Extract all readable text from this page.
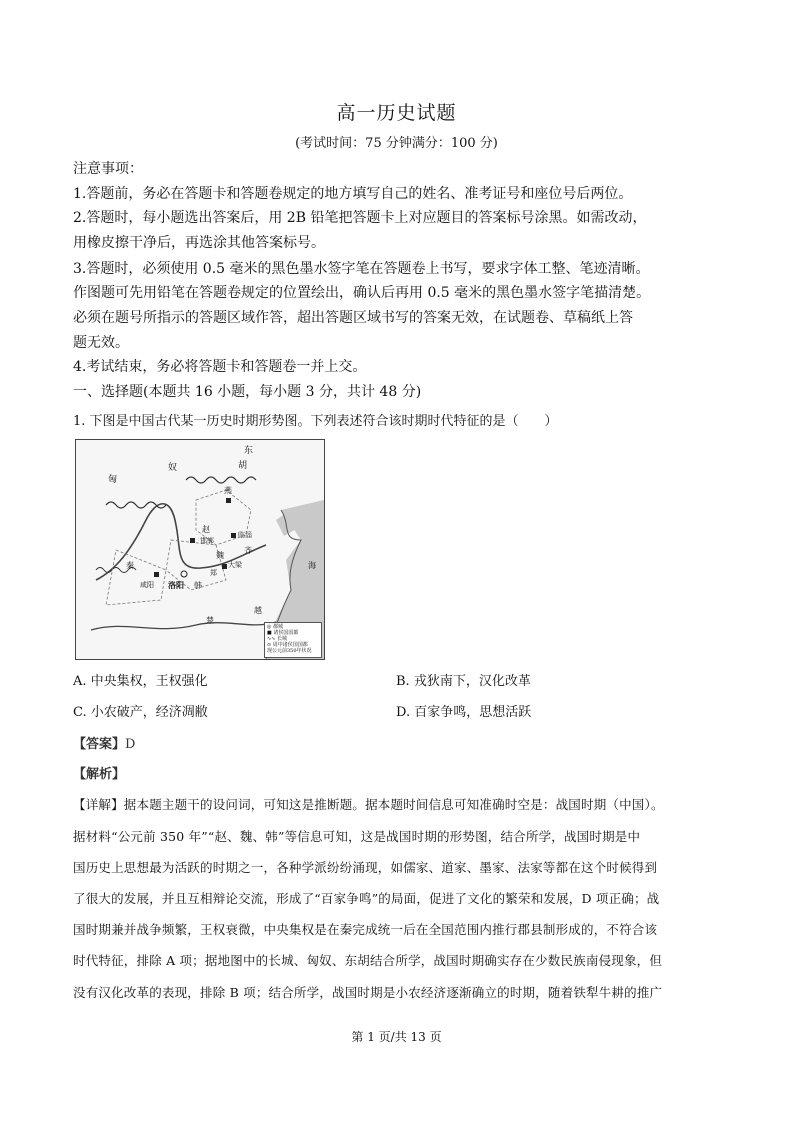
高一历史试题
(考试时间：75 分钟满分：100 分)
注意事项：
1.答题前，务必在答题卡和答题卷规定的地方填写自己的姓名、准考证号和座位号后两位。
2.答题时，每小题选出答案后，用 2B 铅笔把答题卡上对应题目的答案标号涂黑。如需改动，
用橡皮擦干净后，再选涂其他答案标号。
3.答题时，必须使用 0.5 毫米的黑色墨水签字笔在答题卷上书写，要求字体工整、笔迹清晰。
作图题可先用铅笔在答题卷规定的位置绘出，确认后再用 0.5 毫米的黑色墨水签字笔描清楚。
必须在题号所指示的答题区域作答，超出答题区域书写的答案无效，在试题卷、草稿纸上答
题无效。
4.考试结束，务必将答题卡和答题卷一并上交。
一、选择题(本题共 16 小题，每小题 3 分，共计 48 分)
1. 下图是中国古代某一历史时期形势图。下列表述符合该时期时代特征的是（　　）
匈
奴
东
胡
燕
赵
邯郸
临淄
齐
魏
大梁
郑
韩
洛阳
咸阳
秦
楚
越
海
◎ 都城
■ 诸侯国国都
∿∿ 长城
⊙ 周中诸侯国国都
现公元前350年状况
A. 中央集权，王权强化	B. 戎狄南下，汉化改革
C. 小农破产，经济凋敝	D. 百家争鸣，思想活跃
【答案】D
【解析】
【详解】据本题主题干的设问词，可知这是推断题。据本题时间信息可知准确时空是：战国时期（中国）。
据材料“公元前 350 年”“赵、魏、韩”等信息可知，这是战国时期的形势图，结合所学，战国时期是中
国历史上思想最为活跃的时期之一，各种学派纷纷涌现，如儒家、道家、墨家、法家等都在这个时候得到
了很大的发展，并且互相辩论交流，形成了“百家争鸣”的局面，促进了文化的繁荣和发展，D 项正确；战
国时期兼并战争频繁，王权衰微，中央集权是在秦完成统一后在全国范围内推行郡县制形成的，不符合该
时代特征，排除 A 项；据地图中的长城、匈奴、东胡结合所学，战国时期确实存在少数民族南侵现象，但
没有汉化改革的表现，排除 B 项；结合所学，战国时期是小农经济逐渐确立的时期，随着铁犁牛耕的推广
第 1 页/共 13 页
